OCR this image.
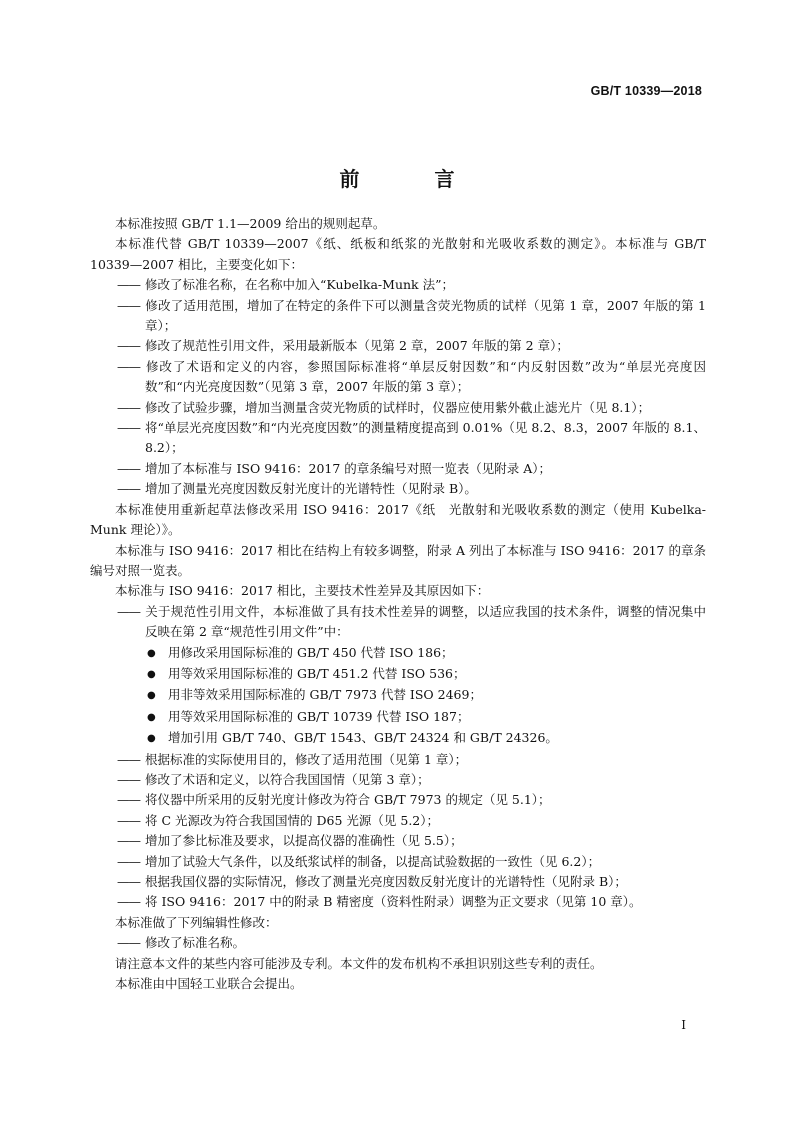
GB/T 10339—2018
前 言

本标准按照 GB/T 1.1—2009 给出的规则起草。

本标准代替 GB/T 10339—2007《纸、纸板和纸浆的光散射和光吸收系数的测定》。本标准与 GB/T 10339—2007 相比，主要变化如下：

—— 修改了标准名称，在名称中加入“Kubelka-Munk 法”；

—— 修改了适用范围，增加了在特定的条件下可以测量含荧光物质的试样（见第 1 章，2007 年版的第 1 章）；

—— 修改了规范性引用文件，采用最新版本（见第 2 章，2007 年版的第 2 章）；

—— 修改了术语和定义的内容，参照国际标准将“单层反射因数”和“内反射因数”改为“单层光亮度因数”和“内光亮度因数”（见第 3 章，2007 年版的第 3 章）；

—— 修改了试验步骤，增加当测量含荧光物质的试样时，仪器应使用紫外截止滤光片（见 8.1）；

—— 将“单层光亮度因数”和“内光亮度因数”的测量精度提高到 0.01%（见 8.2、8.3，2007 年版的 8.1、8.2）；

—— 增加了本标准与 ISO 9416：2017 的章条编号对照一览表（见附录 A）；

—— 增加了测量光亮度因数反射光度计的光谱特性（见附录 B）。

本标准使用重新起草法修改采用 ISO 9416：2017《纸　光散射和光吸收系数的测定（使用 Kubelka-Munk 理论）》。

本标准与 ISO 9416：2017 相比在结构上有较多调整，附录 A 列出了本标准与 ISO 9416：2017 的章条编号对照一览表。

本标准与 ISO 9416：2017 相比，主要技术性差异及其原因如下：

—— 关于规范性引用文件，本标准做了具有技术性差异的调整，以适应我国的技术条件，调整的情况集中反映在第 2 章“规范性引用文件”中：

● 用修改采用国际标准的 GB/T 450 代替 ISO 186；

● 用等效采用国际标准的 GB/T 451.2 代替 ISO 536；

● 用非等效采用国际标准的 GB/T 7973 代替 ISO 2469；

● 用等效采用国际标准的 GB/T 10739 代替 ISO 187；

● 增加引用 GB/T 740、GB/T 1543、GB/T 24324 和 GB/T 24326。

—— 根据标准的实际使用目的，修改了适用范围（见第 1 章）；

—— 修改了术语和定义，以符合我国国情（见第 3 章）；

—— 将仪器中所采用的反射光度计修改为符合 GB/T 7973 的规定（见 5.1）；

—— 将 C 光源改为符合我国国情的 D65 光源（见 5.2）；

—— 增加了参比标准及要求，以提高仪器的准确性（见 5.5）；

—— 增加了试验大气条件，以及纸浆试样的制备，以提高试验数据的一致性（见 6.2）；

—— 根据我国仪器的实际情况，修改了测量光亮度因数反射光度计的光谱特性（见附录 B）；

—— 将 ISO 9416：2017 中的附录 B 精密度（资料性附录）调整为正文要求（见第 10 章）。

本标准做了下列编辑性修改：

—— 修改了标准名称。

请注意本文件的某些内容可能涉及专利。本文件的发布机构不承担识别这些专利的责任。

本标准由中国轻工业联合会提出。

I
